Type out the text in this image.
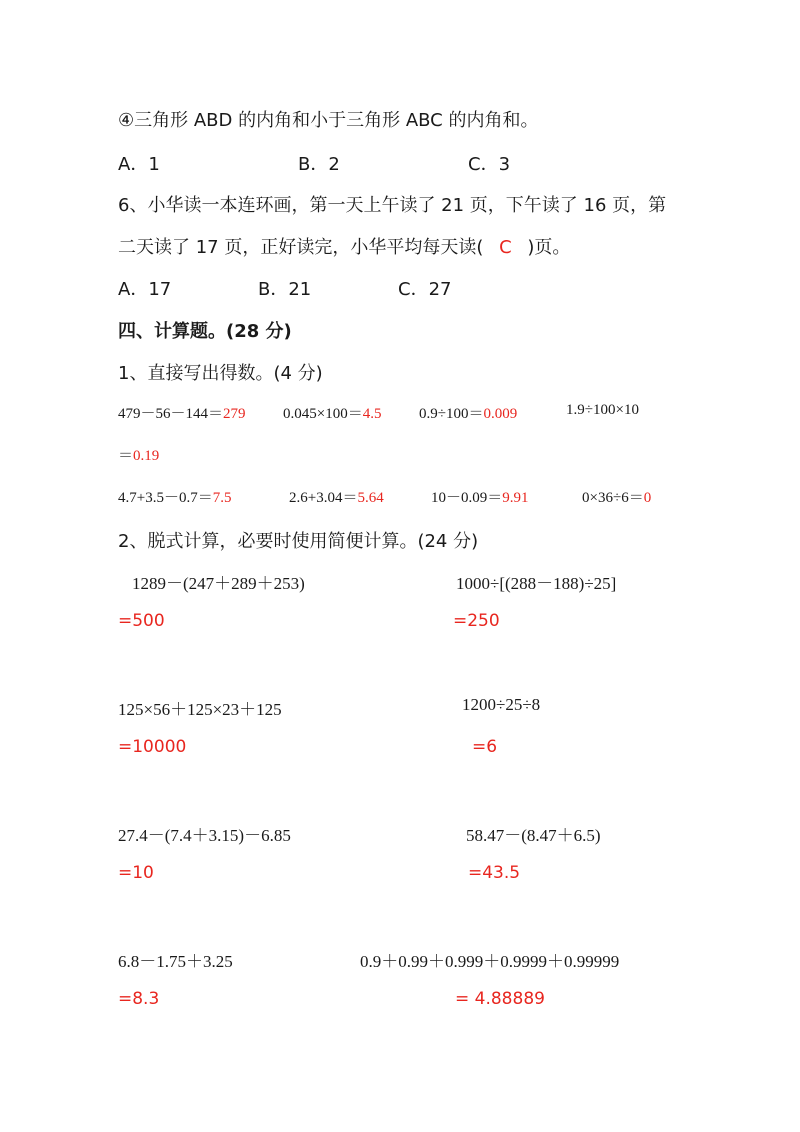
④三角形 ABD 的内角和小于三角形 ABC 的内角和。
A．1	B．2	C．3
6、小华读一本连环画，第一天上午读了 21 页，下午读了 16 页，第
二天读了 17 页，正好读完，小华平均每天读( C )页。
A．17	B．21	C．27
四、计算题。(28 分)
1、直接写出得数。(4 分)
479－56－144＝279 0.045×100＝4.5	0.9÷100＝0.009	1.9÷100×10
＝0.19
4.7+3.5－0.7＝7.5	2.6+3.04＝5.64	10－0.09＝9.91	0×36÷6＝0
2、脱式计算，必要时使用简便计算。(24 分)
1289－(247＋289＋253)
=500
1000÷[(288－188)÷25]
=250
125×56＋125×23＋125
=10000
1200÷25÷8
=6
27.4－(7.4＋3.15)－6.85
=10
58.47－(8.47＋6.5)
=43.5
6.8－1.75＋3.25
=8.3
0.9＋0.99＋0.999＋0.9999＋0.99999
= 4.88889
